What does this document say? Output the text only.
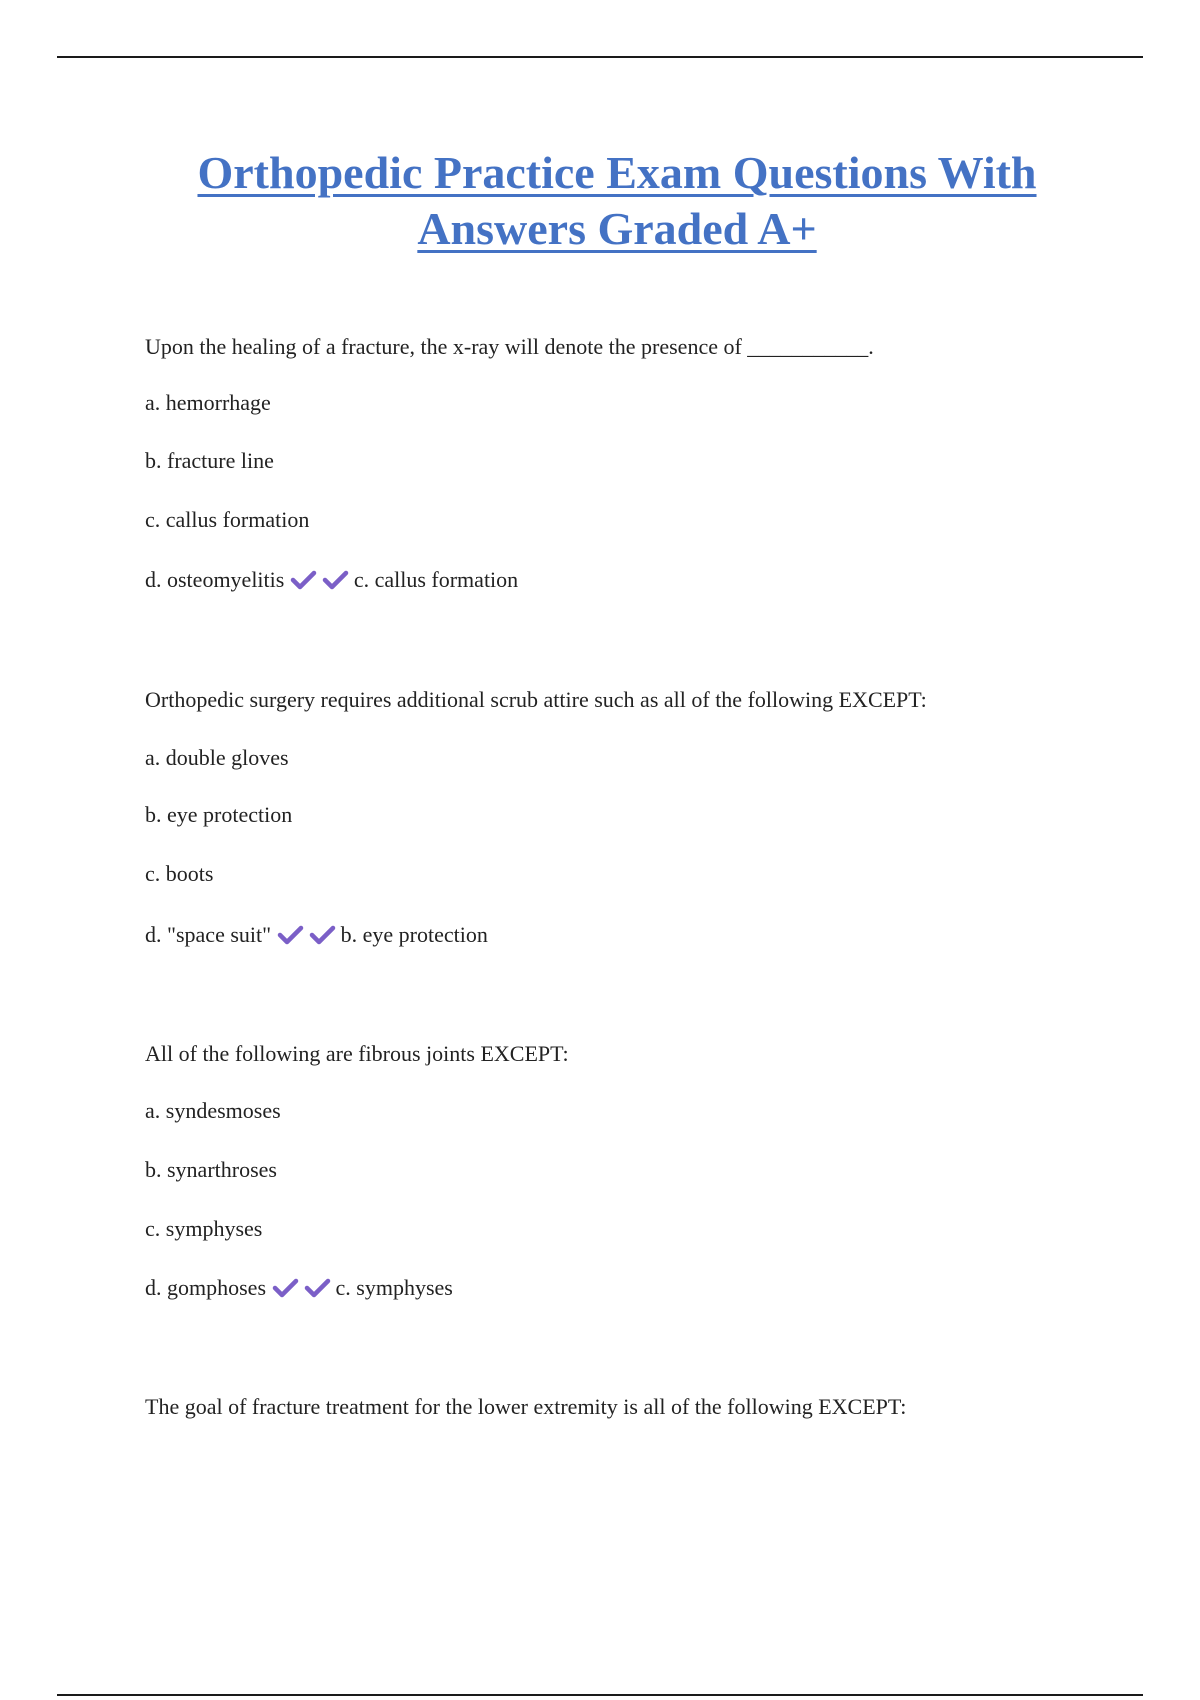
Orthopedic Practice Exam Questions With
Answers Graded A+
Upon the healing of a fracture, the x-ray will denote the presence of ___________.
a. hemorrhage
b. fracture line
c. callus formation
d. osteomyelitis	c. callus formation
Orthopedic surgery requires additional scrub attire such as all of the following EXCEPT:
a. double gloves
b. eye protection
c. boots
d. "space suit"	b. eye protection
All of the following are fibrous joints EXCEPT:
a. syndesmoses
b. synarthroses
c. symphyses
d. gomphoses	c. symphyses
The goal of fracture treatment for the lower extremity is all of the following EXCEPT:
